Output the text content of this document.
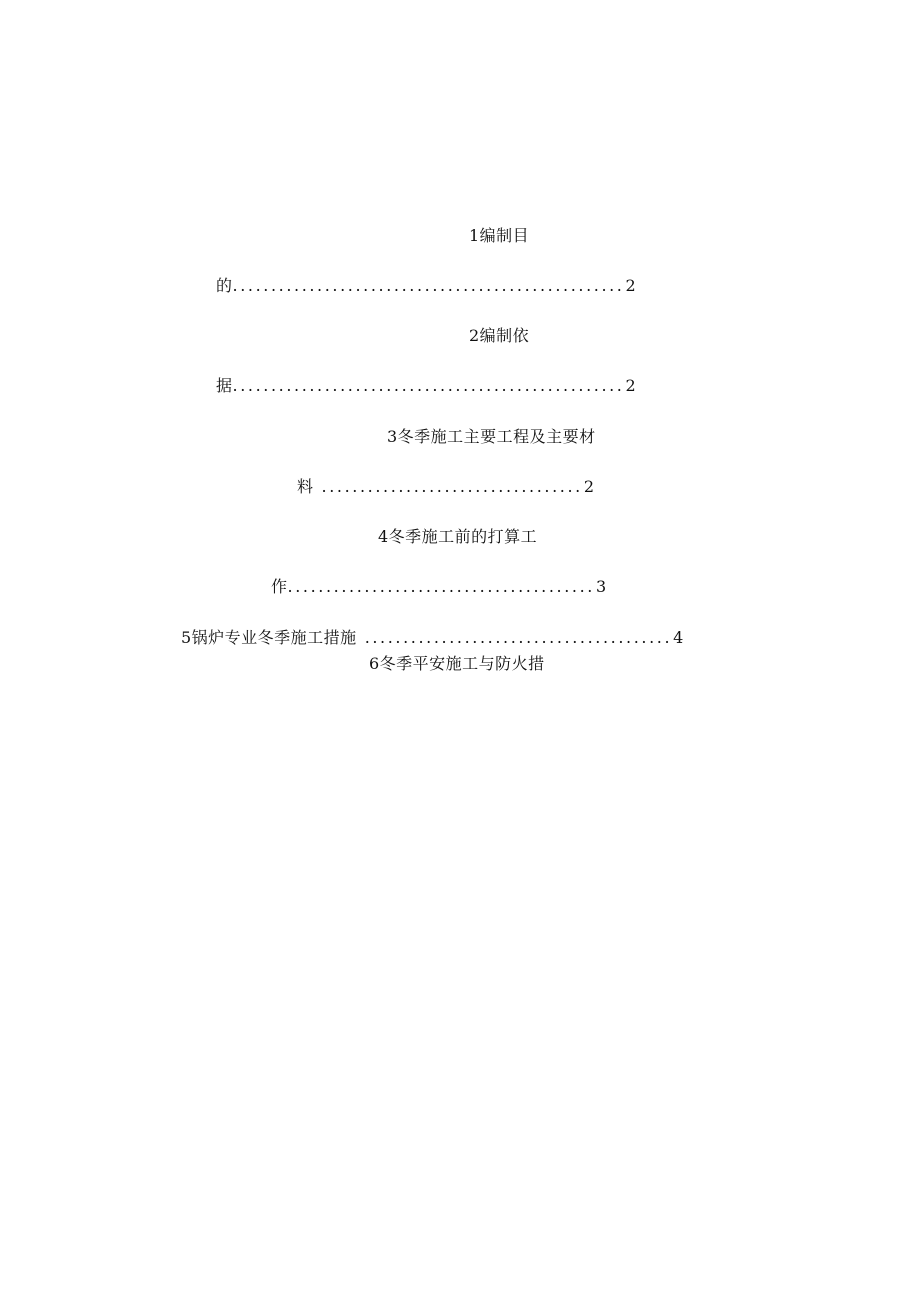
1编制目
的 ................................................... 2
2编制依
据 ................................................... 2
3冬季施工主要工程及主要材
料 .................................. 2
4冬季施工前的打算工
作 ........................................ 3
5锅炉专业冬季施工措施 ........................................ 4
6冬季平安施工与防火措
